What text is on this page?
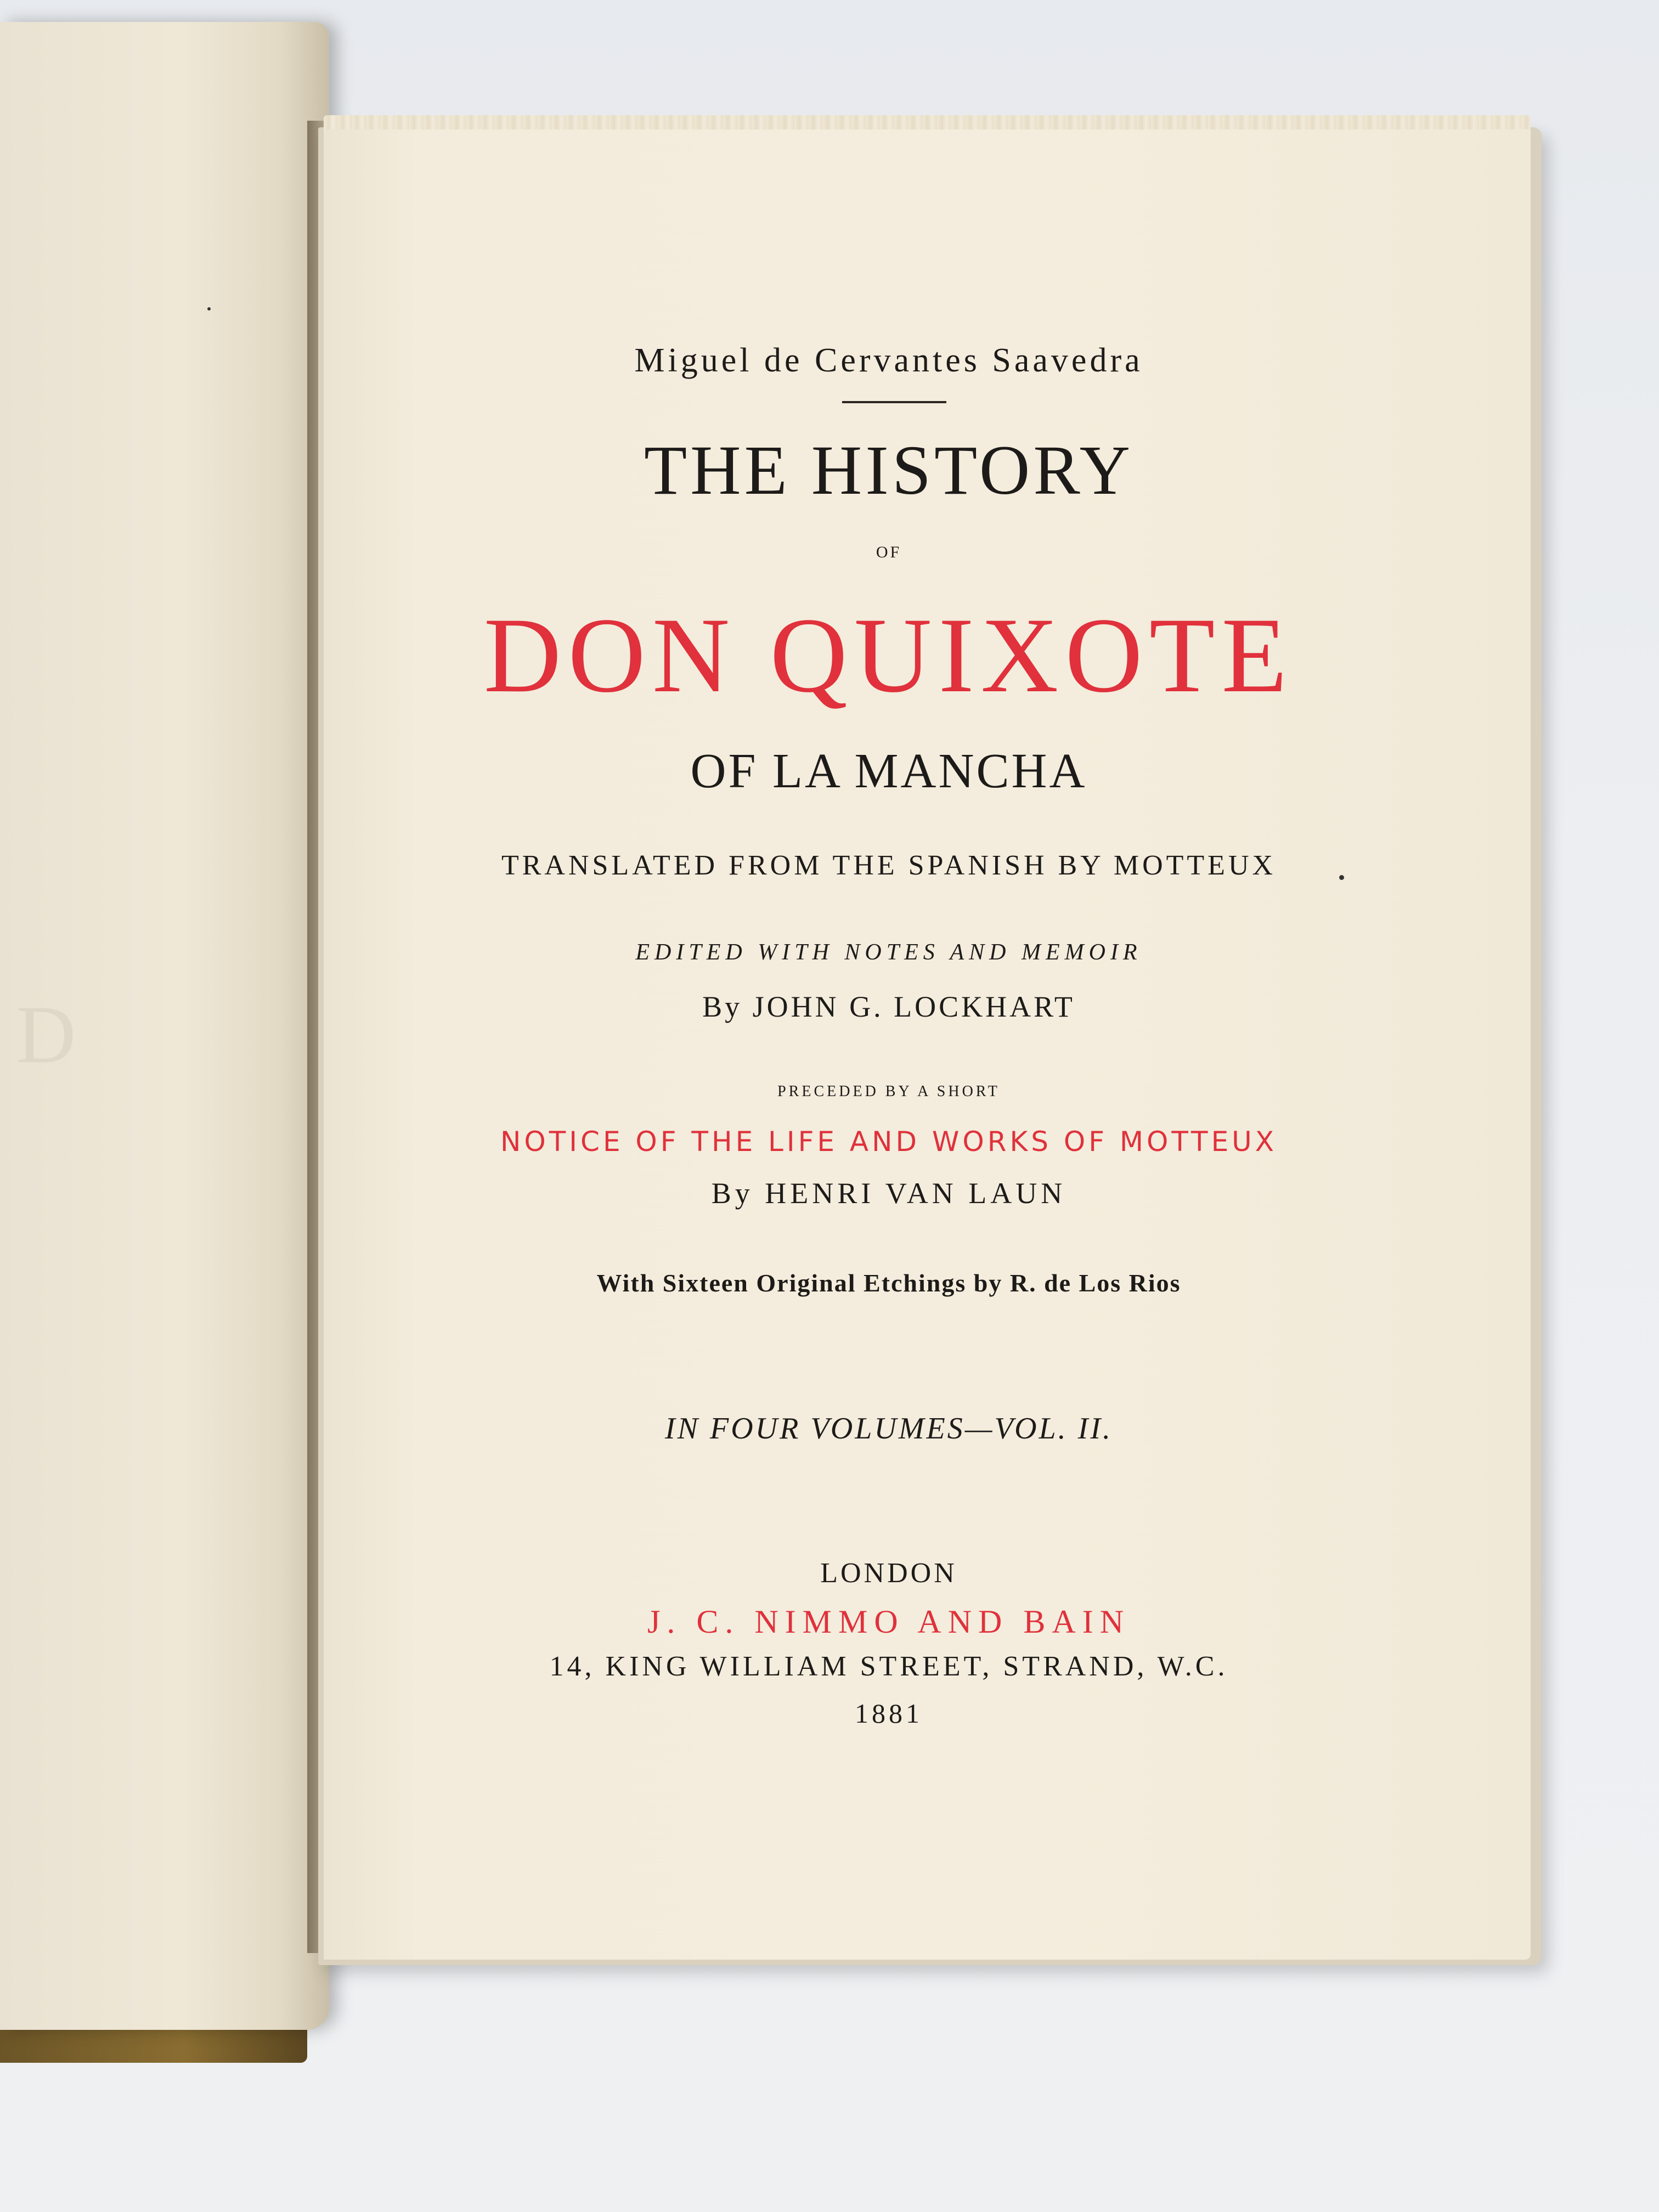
D
Miguel de Cervantes Saavedra
THE HISTORY
OF
DON QUIXOTE
OF LA MANCHA
TRANSLATED FROM THE SPANISH BY MOTTEUX
EDITED WITH NOTES AND MEMOIR
By JOHN G. LOCKHART
PRECEDED BY A SHORT
NOTICE OF THE LIFE AND WORKS OF MOTTEUX
By HENRI VAN LAUN
With Sixteen Original Etchings by R. de Los Rios
IN FOUR VOLUMES—VOL. II.
LONDON
J. C. NIMMO AND BAIN
14, KING WILLIAM STREET, STRAND, W.C.
1881
